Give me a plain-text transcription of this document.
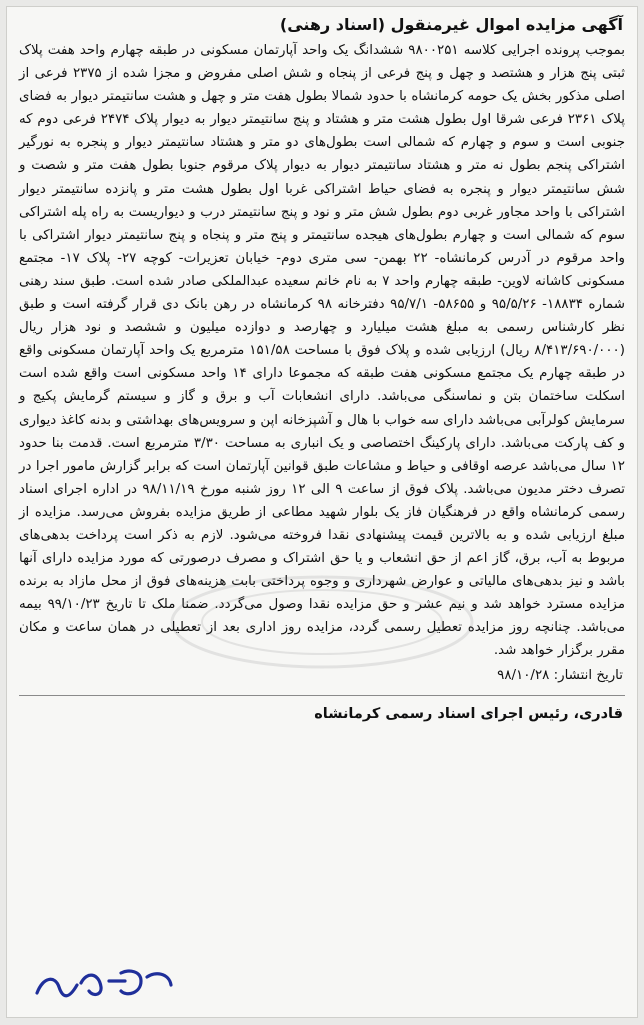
آگهی مزایده اموال غیرمنقول (اسناد رهنی)
بموجب پرونده اجرایی کلاسه ۹۸۰۰۲۵۱ ششدانگ یک واحد آپارتمان مسکونی در طبقه چهارم واحد هفت پلاک ثبتی پنج هزار و هشتصد و چهل و پنج فرعی از پنجاه و شش اصلی مفروض و مجزا شده از ۲۳۷۵ فرعی از اصلی مذکور بخش یک حومه کرمانشاه با حدود شمالا بطول هفت متر و چهل و هشت سانتیمتر دیوار به فضای پلاک ۲۳۶۱ فرعی شرقا اول بطول هشت متر و هشتاد و پنج سانتیمتر دیوار به دیوار پلاک ۲۴۷۴ فرعی دوم که جنوبی است و سوم و چهارم که شمالی است بطول‌های دو متر و هشتاد سانتیمتر دیوار و پنجره به نورگیر اشتراکی پنجم بطول نه متر و هشتاد سانتیمتر دیوار به دیوار پلاک مرقوم جنوبا بطول هفت متر و شصت و شش سانتیمتر دیوار و پنجره به فضای حیاط اشتراکی غربا اول بطول هشت متر و پانزده سانتیمتر دیوار اشتراکی با واحد مجاور غربی دوم بطول شش متر و نود و پنج سانتیمتر درب و دیواریست به راه پله اشتراکی سوم که شمالی است و چهارم بطول‌های هیجده سانتیمتر و پنج متر و پنجاه و پنج سانتیمتر دیوار اشتراکی با واحد مرقوم در آدرس کرمانشاه- ۲۲ بهمن- سی متری دوم- خیابان تعزیرات- کوچه ۲۷- پلاک ۱۷- مجتمع مسکونی کاشانه لاوین- طبقه چهارم واحد ۷ به نام خانم سعیده عبدالملکی صادر شده است. طبق سند رهنی شماره ۱۸۸۳۴- ۹۵/۵/۲۶ و ۵۸۶۵۵- ۹۵/۷/۱ دفترخانه ۹۸ کرمانشاه در رهن بانک دی قرار گرفته است و طبق نظر کارشناس رسمی به مبلغ هشت میلیارد و چهارصد و دوازده میلیون و ششصد و نود هزار ریال (۸/۴۱۳/۶۹۰/۰۰۰ ریال) ارزیابی شده و پلاک فوق با مساحت ۱۵۱/۵۸ مترمربع یک واحد آپارتمان مسکونی واقع در طبقه چهارم یک مجتمع مسکونی هفت طبقه که مجموعا دارای ۱۴ واحد مسکونی است واقع شده است اسکلت ساختمان بتن و نماسنگی می‌باشد. دارای انشعابات آب و برق و گاز و سیستم گرمایش پکیج و سرمایش کولرآبی می‌باشد دارای سه خواب با هال و آشپزخانه اپن و سرویس‌های بهداشتی و بدنه کاغذ دیواری و کف پارکت می‌باشد. دارای پارکینگ اختصاصی و یک انباری به مساحت ۳/۳۰ مترمربع است. قدمت بنا حدود ۱۲ سال می‌باشد عرصه اوقافی و حیاط و مشاعات طبق قوانین آپارتمان است که برابر گزارش مامور اجرا در تصرف دختر مدیون می‌باشد. پلاک فوق از ساعت ۹ الی ۱۲ روز شنبه مورخ ۹۸/۱۱/۱۹ در اداره اجرای اسناد رسمی کرمانشاه واقع در فرهنگیان فاز یک بلوار شهید مطاعی از طریق مزایده بفروش می‌رسد. مزایده از مبلغ ارزیابی شده و به بالاترین قیمت پیشنهادی نقدا فروخته می‌شود. لازم به ذکر است پرداخت بدهی‌های مربوط به آب، برق، گاز اعم از حق انشعاب و یا حق اشتراک و مصرف درصورتی که مورد مزایده دارای آنها باشد و نیز بدهی‌های مالیاتی و عوارض شهرداری و وجوه پرداختی بابت هزینه‌های فوق از محل مازاد به برنده مزایده مسترد خواهد شد و نیم عشر و حق مزایده نقدا وصول می‌گردد. ضمنا ملک تا تاریخ ۹۹/۱۰/۲۳ بیمه می‌باشد. چنانچه روز مزایده تعطیل رسمی گردد، مزایده روز اداری بعد از تعطیلی در همان ساعت و مکان مقرر برگزار خواهد شد.
تاریخ انتشار: ۹۸/۱۰/۲۸
قادری، رئیس اجرای اسناد رسمی کرمانشاه
